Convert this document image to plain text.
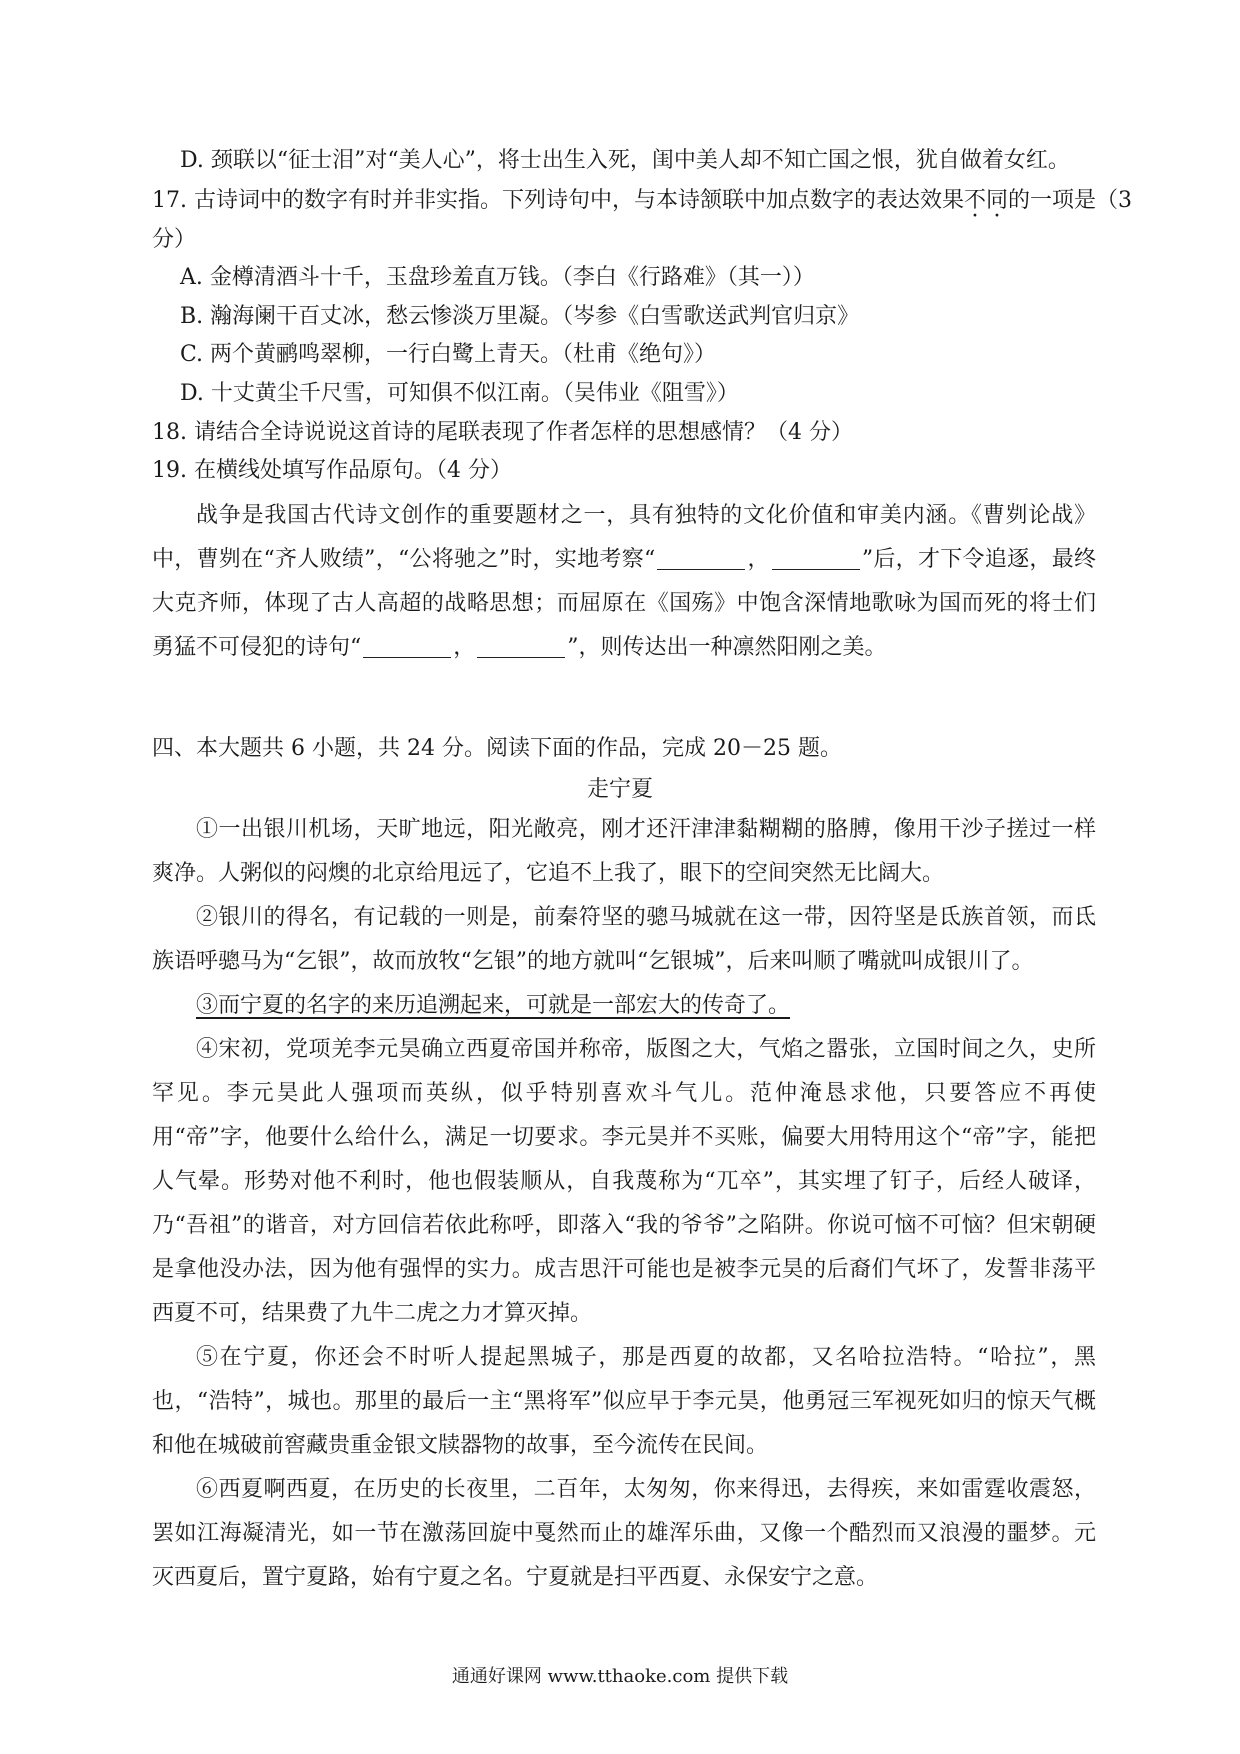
D. 颈联以“征士泪”对“美人心”，将士出生入死，闺中美人却不知亡国之恨，犹自做着女红。
17. 古诗词中的数字有时并非实指。下列诗句中，与本诗颔联中加点数字的表达效果不同的一项是（3
分）
A. 金樽清酒斗十千，玉盘珍羞直万钱。（李白《行路难》（其一））
B. 瀚海阑干百丈冰，愁云惨淡万里凝。（岑参《白雪歌送武判官归京》
C. 两个黄鹂鸣翠柳，一行白鹭上青天。（杜甫《绝句》）
D. 十丈黄尘千尺雪，可知俱不似江南。（吴伟业《阻雪》）
18. 请结合全诗说说这首诗的尾联表现了作者怎样的思想感情？（4 分）
19. 在横线处填写作品原句。（4 分）

战争是我国古代诗文创作的重要题材之一，具有独特的文化价值和审美内涵。《曹刿论战》中，曹刿在“齐人败绩”，“公将驰之”时，实地考察“	，	”后，才下令追逐，最终大克齐师，体现了古人高超的战略思想；而屈原在《国殇》中饱含深情地歌咏为国而死的将士们勇猛不可侵犯的诗句“	，	”，则传达出一种凛然阳刚之美。

四、本大题共 6 小题，共 24 分。阅读下面的作品，完成 20－25 题。
走宁夏

①一出银川机场，天旷地远，阳光敞亮，刚才还汗津津黏糊糊的胳膊，像用干沙子搓过一样爽净。人粥似的闷燠的北京给甩远了，它追不上我了，眼下的空间突然无比阔大。

②银川的得名，有记载的一则是，前秦符坚的骢马城就在这一带，因符坚是氐族首领，而氐族语呼骢马为“乞银”，故而放牧“乞银”的地方就叫“乞银城”，后来叫顺了嘴就叫成银川了。

③而宁夏的名字的来历追溯起来，可就是一部宏大的传奇了。

④宋初，党项羌李元昊确立西夏帝国并称帝，版图之大，气焰之嚣张，立国时间之久，史所罕见。李元昊此人强项而英纵，似乎特别喜欢斗气儿。范仲淹恳求他，只要答应不再使用“帝”字，他要什么给什么，满足一切要求。李元昊并不买账，偏要大用特用这个“帝”字，能把人气晕。形势对他不利时，他也假装顺从，自我蔑称为“兀卒”，其实埋了钉子，后经人破译，乃“吾祖”的谐音，对方回信若依此称呼，即落入“我的爷爷”之陷阱。你说可恼不可恼？但宋朝硬是拿他没办法，因为他有强悍的实力。成吉思汗可能也是被李元昊的后裔们气坏了，发誓非荡平西夏不可，结果费了九牛二虎之力才算灭掉。

⑤在宁夏，你还会不时听人提起黑城子，那是西夏的故都，又名哈拉浩特。“哈拉”，黑也，“浩特”，城也。那里的最后一主“黑将军”似应早于李元昊，他勇冠三军视死如归的惊天气概和他在城破前窖藏贵重金银文牍器物的故事，至今流传在民间。

⑥西夏啊西夏，在历史的长夜里，二百年，太匆匆，你来得迅，去得疾，来如雷霆收震怒，罢如江海凝清光，如一节在激荡回旋中戛然而止的雄浑乐曲，又像一个酷烈而又浪漫的噩梦。元灭西夏后，置宁夏路，始有宁夏之名。宁夏就是扫平西夏、永保安宁之意。

通通好课网 www.tthaoke.com 提供下载
